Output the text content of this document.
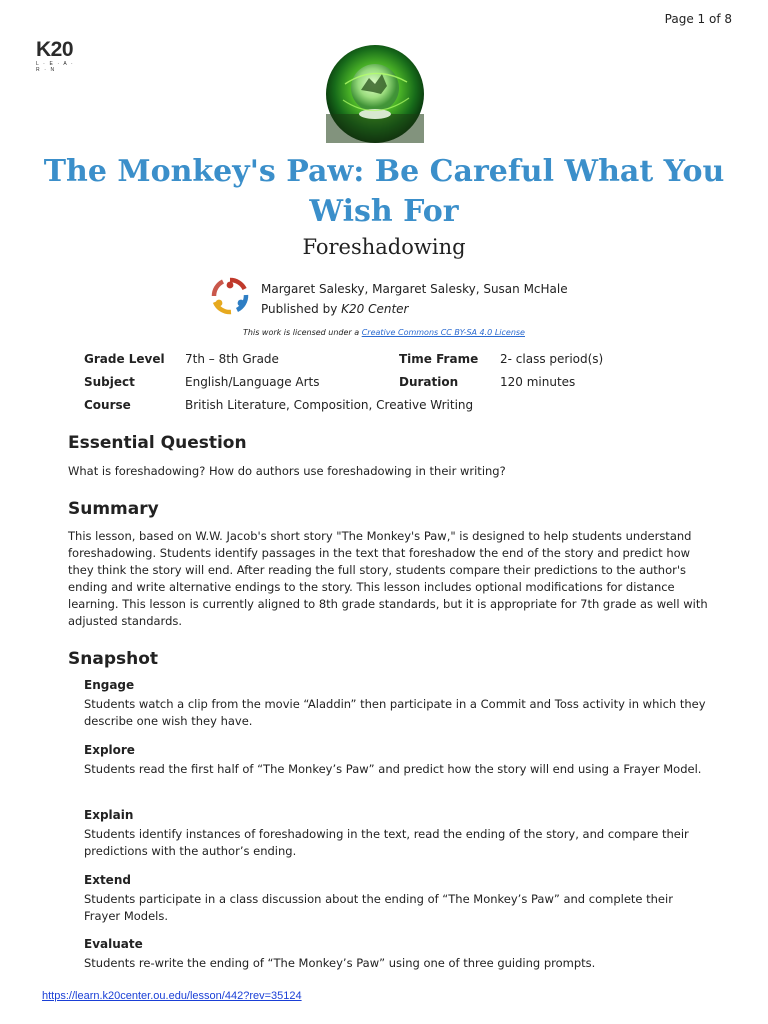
Page 1 of 8
K20
L · E · A · R · N
The Monkey's Paw: Be Careful What You Wish For
Foreshadowing
Margaret Salesky, Margaret Salesky, Susan McHale
Published by K20 Center
This work is licensed under a Creative Commons CC BY-SA 4.0 License
Grade Level 7th – 8th Grade	Time Frame 2- class period(s)
Subject	English/Language Arts	Duration	120 minutes
Course	British Literature, Composition, Creative Writing
Essential Question
What is foreshadowing? How do authors use foreshadowing in their writing?
Summary
This lesson, based on W.W. Jacob's short story "The Monkey's Paw," is designed to help students understand foreshadowing. Students identify passages in the text that foreshadow the end of the story and predict how they think the story will end. After reading the full story, students compare their predictions to the author's ending and write alternative endings to the story. This lesson includes optional modifications for distance learning. This lesson is currently aligned to 8th grade standards, but it is appropriate for 7th grade as well with adjusted standards.
Snapshot
Engage
Students watch a clip from the movie “Aladdin” then participate in a Commit and Toss activity in which they describe one wish they have.
Explore
Students read the first half of “The Monkey’s Paw” and predict how the story will end using a Frayer Model.
Explain
Students identify instances of foreshadowing in the text, read the ending of the story, and compare their predictions with the author’s ending.
Extend
Students participate in a class discussion about the ending of “The Monkey’s Paw” and complete their Frayer Models.
Evaluate
Students re-write the ending of “The Monkey’s Paw” using one of three guiding prompts.
https://learn.k20center.ou.edu/lesson/442?rev=35124
